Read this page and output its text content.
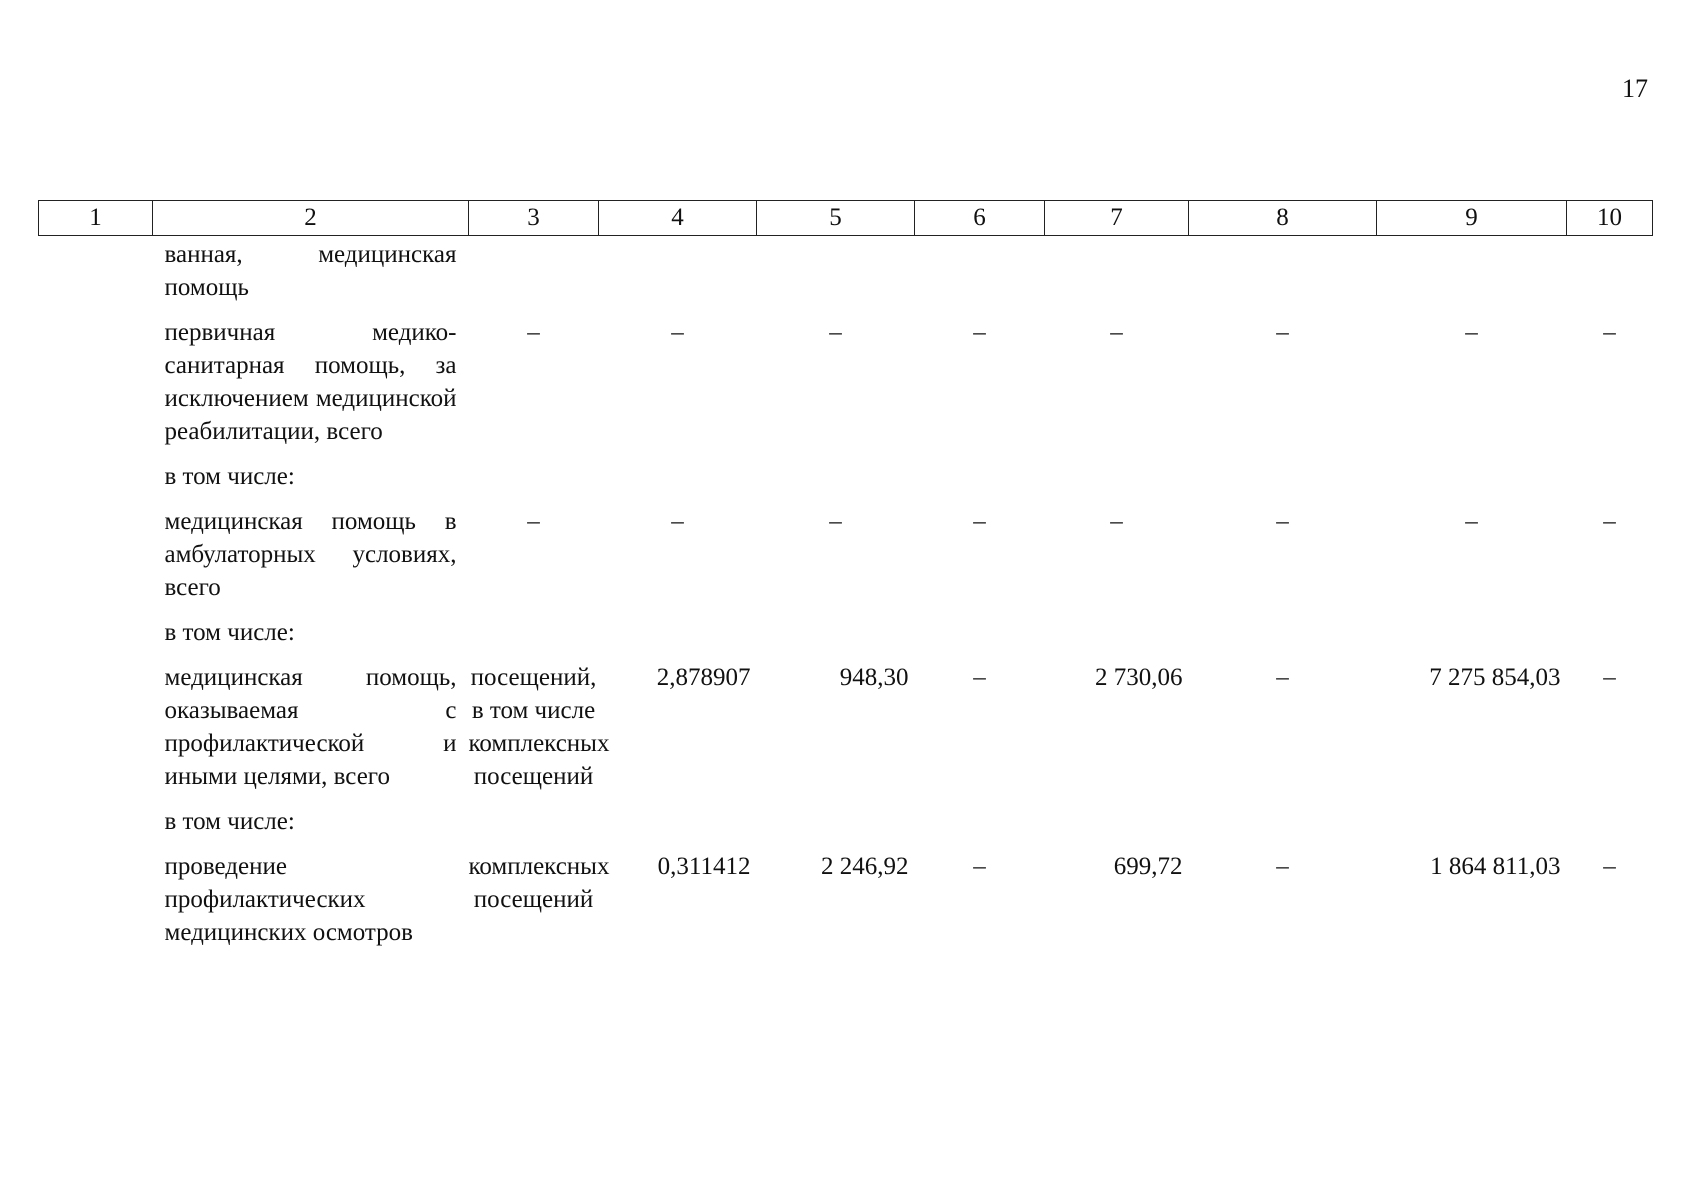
17
1	2	3	4	5	6	7	8	9	10
	ванная, медицинская помощь								
	первичная медико-санитарная помощь, за исключением медицинской реабилитации, всего	–	–	–	–	–	–	–	–
	в том числе:								
	медицинская помощь в амбулаторных условиях, всего	–	–	–	–	–	–	–	–
	в том числе:								
	медицинская помощь, оказываемая с профилактической и иными целями, всего	посещений, в том числе комплексных посещений	2,878907	948,30	–	2 730,06	–	7 275 854,03	–
	в том числе:								
	проведение профилактических медицинских осмотров	комплексных посещений	0,311412	2 246,92	–	699,72	–	1 864 811,03	–
